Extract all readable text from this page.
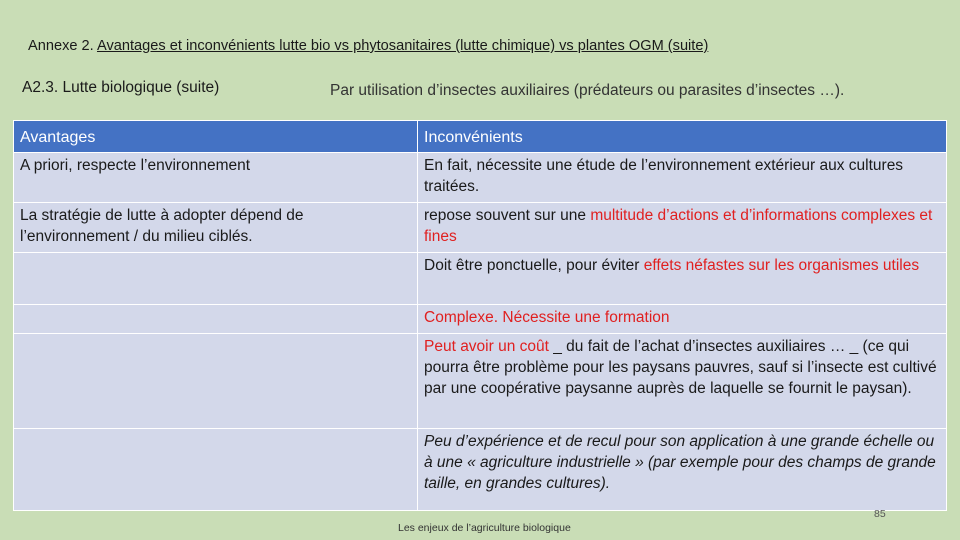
Annexe 2. Avantages et inconvénients lutte bio vs phytosanitaires (lutte chimique) vs plantes OGM (suite)
A2.3. Lutte biologique (suite)	Par utilisation d’insectes auxiliaires (prédateurs ou parasites d’insectes …).
Avantages	Inconvénients
A priori, respecte l’environnement	En fait, nécessite une étude de l’environnement extérieur aux cultures traitées.
La stratégie de lutte à adopter dépend de l’environnement / du milieu ciblés.	repose souvent sur une multitude d’actions et d’informations complexes et fines
	Doit être ponctuelle, pour éviter effets néfastes sur les organismes utiles
	Complexe. Nécessite une formation
	Peut avoir un coût _ du fait de l’achat d’insectes auxiliaires … _ (ce qui pourra être problème pour les paysans pauvres, sauf si l’insecte est cultivé par une coopérative paysanne auprès de laquelle se fournit le paysan).
	Peu d’expérience et de recul pour son application à une grande échelle ou à une « agriculture industrielle » (par exemple pour des champs de grande taille, en grandes cultures).
Les enjeux de l’agriculture biologique
85
